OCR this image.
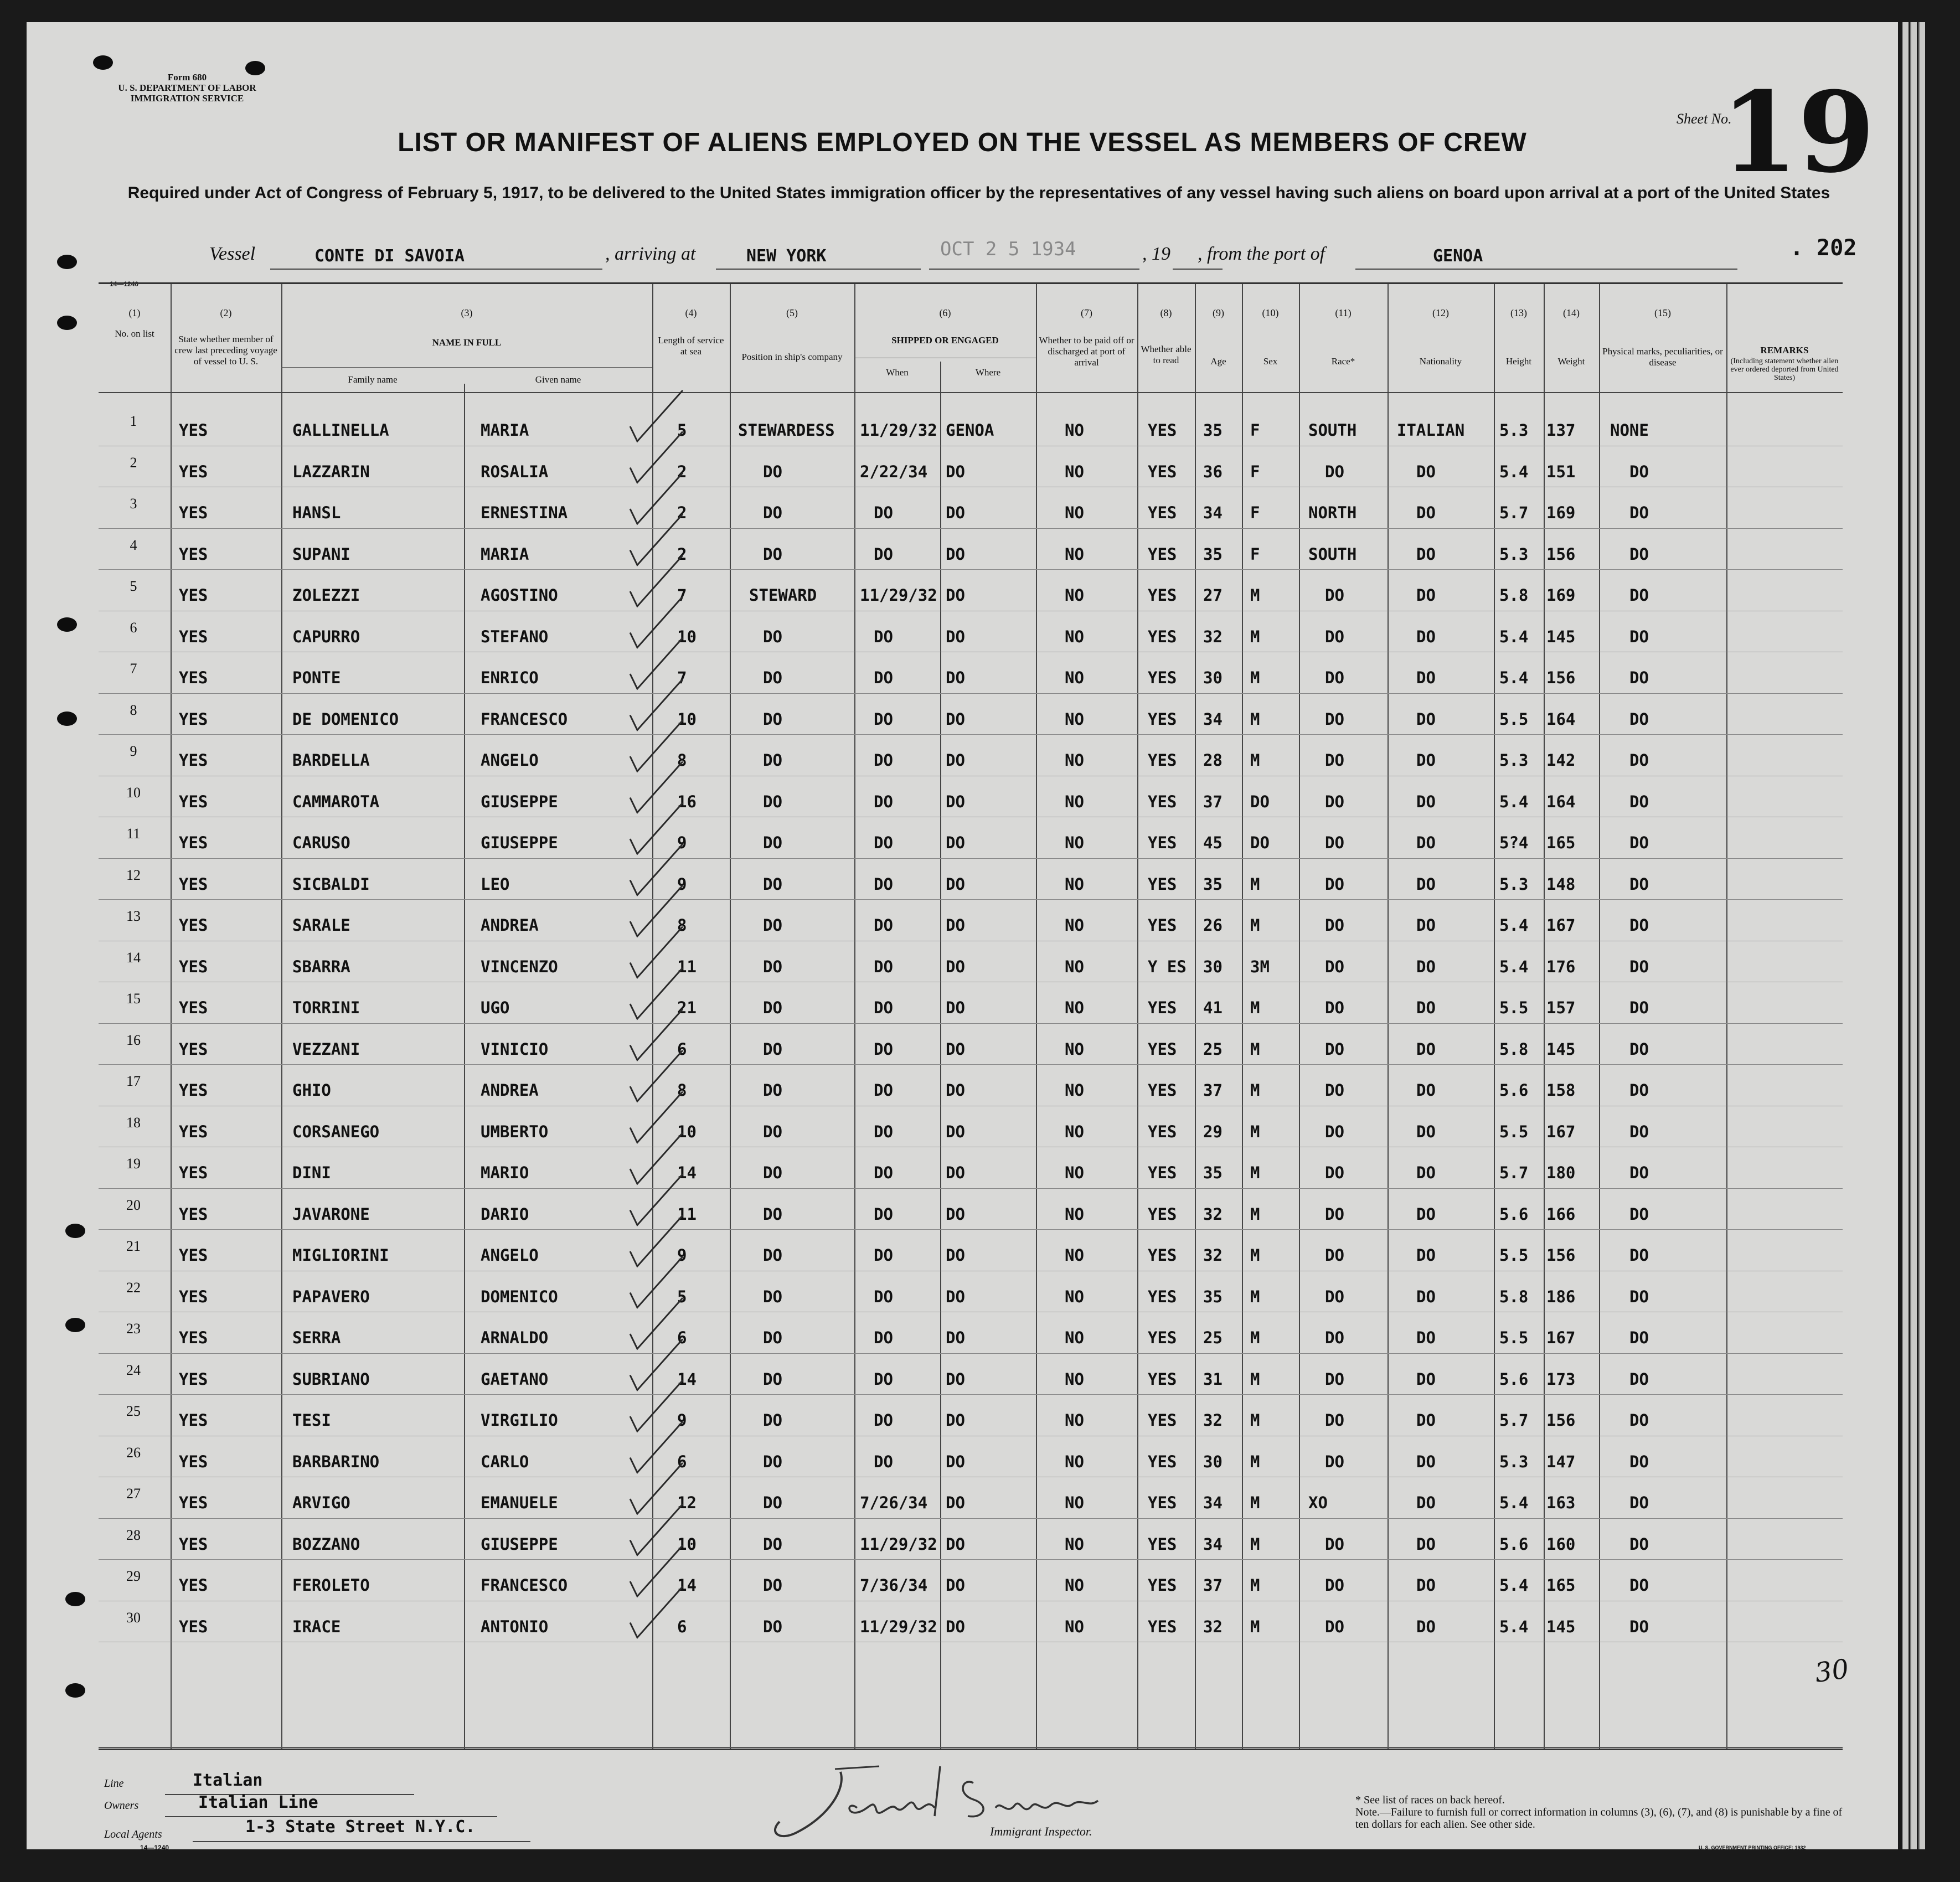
Form 680
U. S. DEPARTMENT OF LABOR
IMMIGRATION SERVICE
LIST OR MANIFEST OF ALIENS EMPLOYED ON THE VESSEL AS MEMBERS OF CREW
Required under Act of Congress of February 5, 1917, to be delivered to the United States immigration officer by the representatives of any vessel having such aliens on board upon arrival at a port of the United States
Sheet No.
19
Vessel	CONTE DI SAVOIA	, arriving at	NEW YORK	OCT 2 5 1934	, 19 , from the port of	GENOA	. 202
14—1240
(1)	(2)	(3)	(4)	(5)	(6)	(7)	(8)	(9)	(10)	(11)	(12)	(13)	(14)	(15)
No. on list
State whether member of crew last preceding voyage of vessel to U. S.
NAME IN FULL
Family name	Given name
Length of service at sea
Position in ship's company
SHIPPED OR ENGAGED
When	Where
Whether to be paid off or discharged at port of arrival
Whether able to read	Age	Sex	Race*	Nationality	Height	Weight
Physical marks, peculiarities, or disease
REMARKS
(Including statement whether alien ever ordered deported from United States)
1	YES	GALLINELLA	MARIA	5	STEWARDESS 11/29/32 GENOA	NO	YES 35 F	SOUTH	ITALIAN 5.3 137 NONE
2	YES	LAZZARIN	ROSALIA	2	DO	2/22/34 DO	NO	YES 36 F	DO	DO	5.4 151	DO
3	YES	HANSL	ERNESTINA	2	DO	DO	DO	NO	YES 34 F	NORTH	DO	5.7 169	DO
4	YES	SUPANI	MARIA	2	DO	DO	DO	NO	YES 35 F	SOUTH	DO	5.3 156	DO
5	YES	ZOLEZZI	AGOSTINO	7	STEWARD	11/29/32 DO	NO	YES 27 M	DO	DO	5.8 169	DO
6	YES	CAPURRO	STEFANO	10	DO	DO	DO	NO	YES 32 M	DO	DO	5.4 145	DO
7	YES	PONTE	ENRICO	7	DO	DO	DO	NO	YES 30 M	DO	DO	5.4 156	DO
8	YES	DE DOMENICO	FRANCESCO	10	DO	DO	DO	NO	YES 34 M	DO	DO	5.5 164	DO
9	YES	BARDELLA	ANGELO	8	DO	DO	DO	NO	YES 28 M	DO	DO	5.3 142	DO
10	YES	CAMMAROTA	GIUSEPPE	16	DO	DO	DO	NO	YES 37 DO	DO	DO	5.4 164	DO
11	YES	CARUSO	GIUSEPPE	9	DO	DO	DO	NO	YES 45 DO	DO	DO	5?4 165	DO
12	YES	SICBALDI	LEO	9	DO	DO	DO	NO	YES 35 M	DO	DO	5.3 148	DO
13	YES	SARALE	ANDREA	8	DO	DO	DO	NO	YES 26 M	DO	DO	5.4 167	DO
14	YES	SBARRA	VINCENZO	11	DO	DO	DO	NO	Y ES 30 3M	DO	DO	5.4 176	DO
15	YES	TORRINI	UGO	21	DO	DO	DO	NO	YES 41 M	DO	DO	5.5 157	DO
16	YES	VEZZANI	VINICIO	6	DO	DO	DO	NO	YES 25 M	DO	DO	5.8 145	DO
17	YES	GHIO	ANDREA	8	DO	DO	DO	NO	YES 37 M	DO	DO	5.6 158	DO
18	YES	CORSANEGO	UMBERTO	10	DO	DO	DO	NO	YES 29 M	DO	DO	5.5 167	DO
19	YES	DINI	MARIO	14	DO	DO	DO	NO	YES 35 M	DO	DO	5.7 180	DO
20	YES	JAVARONE	DARIO	11	DO	DO	DO	NO	YES 32 M	DO	DO	5.6 166	DO
21	YES	MIGLIORINI	ANGELO	9	DO	DO	DO	NO	YES 32 M	DO	DO	5.5 156	DO
22	YES	PAPAVERO	DOMENICO	5	DO	DO	DO	NO	YES 35 M	DO	DO	5.8 186	DO
23	YES	SERRA	ARNALDO	6	DO	DO	DO	NO	YES 25 M	DO	DO	5.5 167	DO
24	YES	SUBRIANO	GAETANO	14	DO	DO	DO	NO	YES 31 M	DO	DO	5.6 173	DO
25	YES	TESI	VIRGILIO	9	DO	DO	DO	NO	YES 32 M	DO	DO	5.7 156	DO
26	YES	BARBARINO	CARLO	6	DO	DO	DO	NO	YES 30 M	DO	DO	5.3 147	DO
27	YES	ARVIGO	EMANUELE	12	DO	7/26/34 DO	NO	YES 34 M	XO	DO	5.4 163	DO
28	YES	BOZZANO	GIUSEPPE	10	DO	11/29/32 DO	NO	YES 34 M	DO	DO	5.6 160	DO
29	YES	FEROLETO	FRANCESCO	14	DO	7/36/34 DO	NO	YES 37 M	DO	DO	5.4 165	DO
30	YES	IRACE	ANTONIO	6	DO	11/29/32 DO	NO	YES 32 M	DO	DO	5.4 145	DO
30
Line	Italian
Owners	Italian Line
Local Agents	1-3 State Street N.Y.C.
14—1240
Immigrant Inspector.
* See list of races on back hereof.
Note.—Failure to furnish full or correct information in columns (3), (6), (7), and (8) is punishable by a fine of ten dollars for each alien. See other side.
U. S. GOVERNMENT PRINTING OFFICE: 1932
